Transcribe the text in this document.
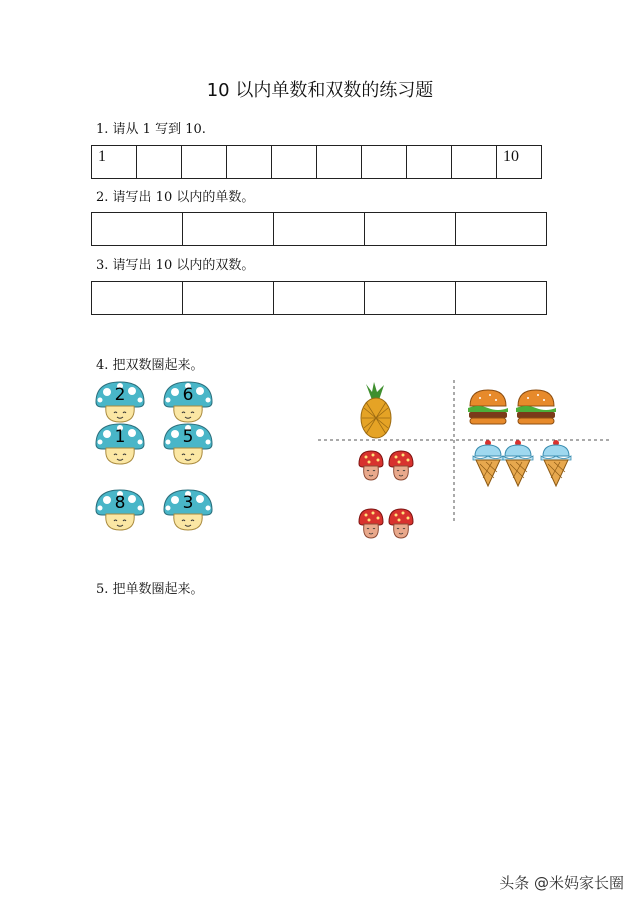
10 以内单数和双数的练习题
1. 请从 1 写到 10.
1									10
2. 请写出 10 以内的单数。

3. 请写出 10 以内的双数。

4. 把双数圈起来。
2	6
1	5
8	3
5. 把单数圈起来。
头条 @米妈家长圈
